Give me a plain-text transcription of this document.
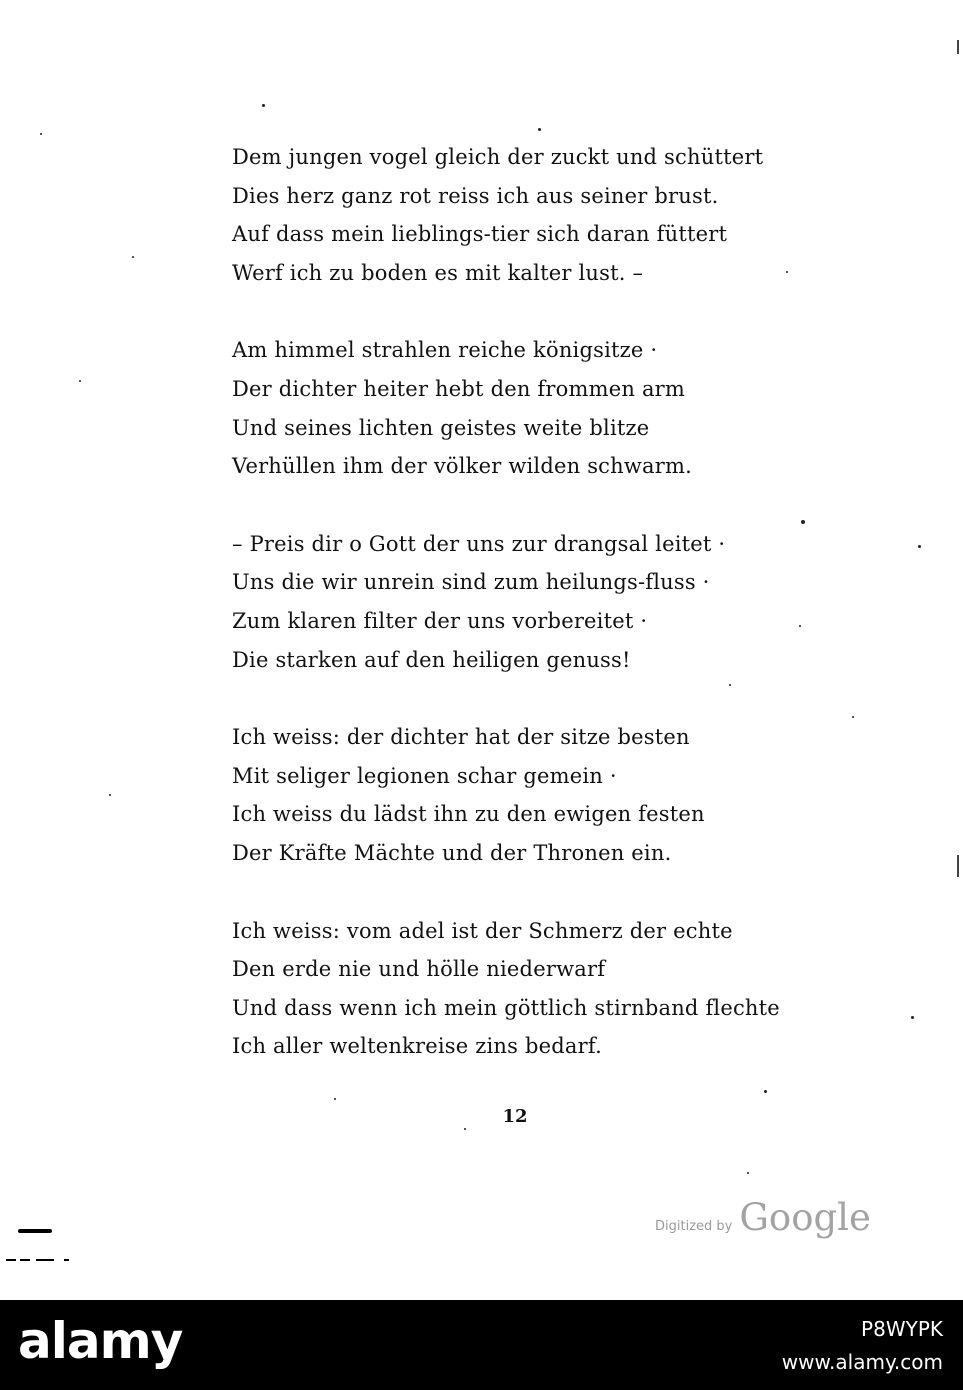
Dem jungen vogel gleich der zuckt und schüttert
Dies herz ganz rot reiss ich aus seiner brust.
Auf dass mein lieblings-tier sich daran füttert
Werf ich zu boden es mit kalter lust. –
Am himmel strahlen reiche königsitze ·
Der dichter heiter hebt den frommen arm
Und seines lichten geistes weite blitze
Verhüllen ihm der völker wilden schwarm.
– Preis dir o Gott der uns zur drangsal leitet ·
Uns die wir unrein sind zum heilungs-fluss ·
Zum klaren filter der uns vorbereitet ·
Die starken auf den heiligen genuss!
Ich weiss: der dichter hat der sitze besten
Mit seliger legionen schar gemein ·
Ich weiss du lädst ihn zu den ewigen festen
Der Kräfte Mächte und der Thronen ein.
Ich weiss: vom adel ist der Schmerz der echte
Den erde nie und hölle niederwarf
Und dass wenn ich mein göttlich stirnband flechte
Ich aller weltenkreise zins bedarf.
12
Digitized by Google
alamy	P8WYPK
www.alamy.com
